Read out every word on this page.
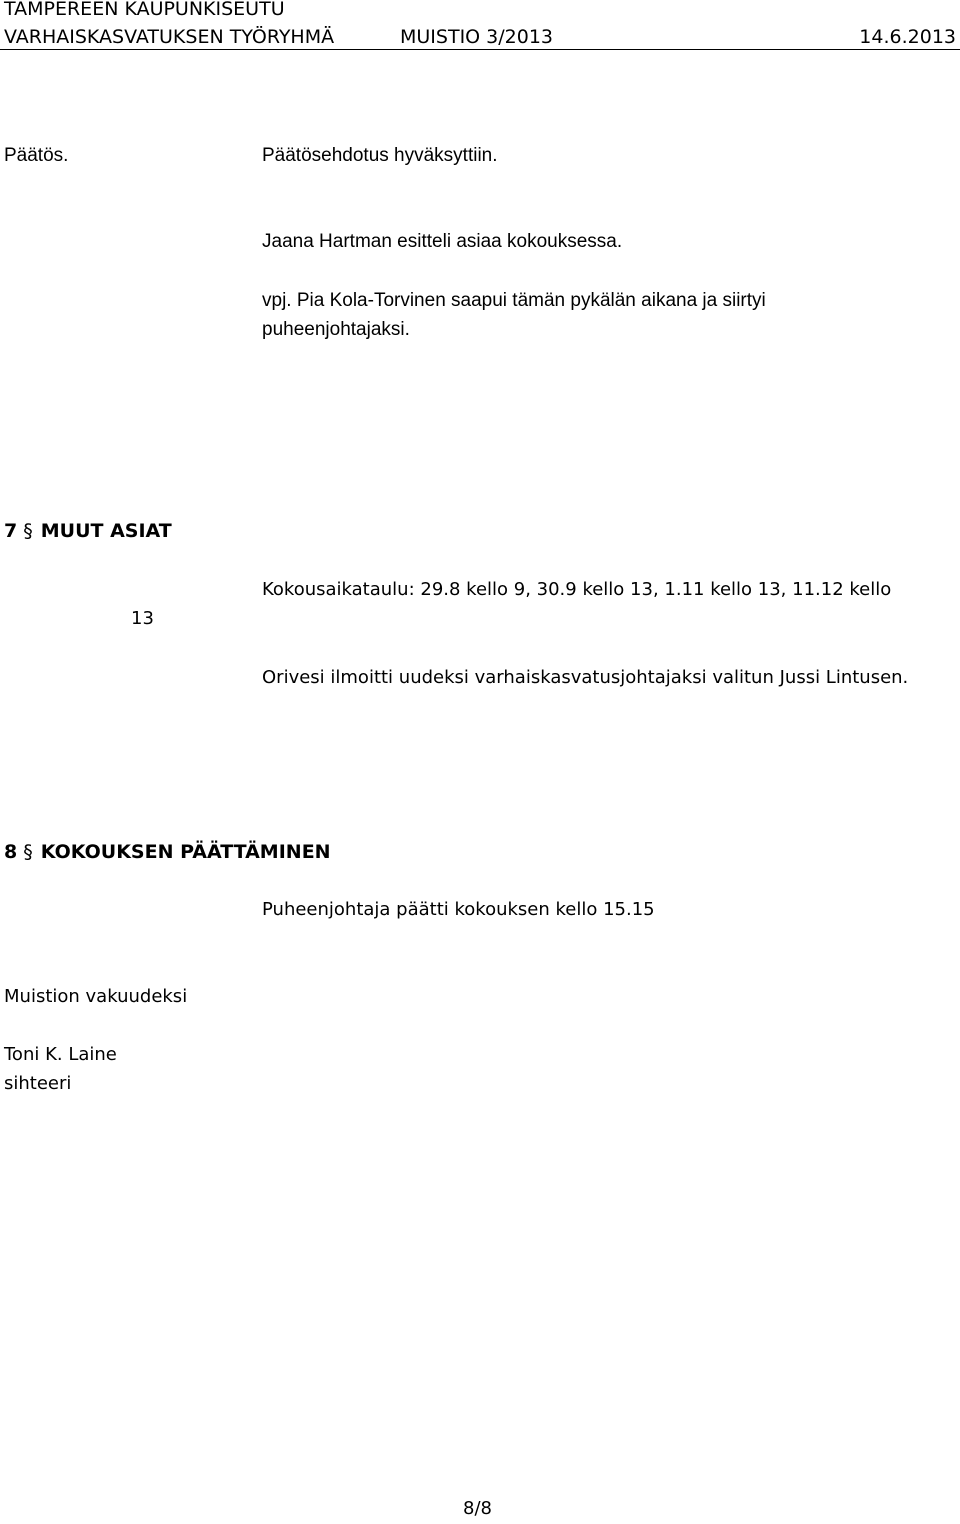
TAMPEREEN KAUPUNKISEUTU
VARHAISKASVATUKSEN TYÖRYHMÄ	MUISTIO 3/2013	14.6.2013
Päätös.	Päätösehdotus hyväksyttiin.
Jaana Hartman esitteli asiaa kokouksessa.
vpj. Pia Kola-Torvinen saapui tämän pykälän aikana ja siirtyi
puheenjohtajaksi.
7 § MUUT ASIAT
13
Kokousaikataulu: 29.8 kello 9, 30.9 kello 13, 1.11 kello 13, 11.12 kello
Orivesi ilmoitti uudeksi varhaiskasvatusjohtajaksi valitun Jussi Lintusen.
8 § KOKOUKSEN PÄÄTTÄMINEN
Puheenjohtaja päätti kokouksen kello 15.15
Muistion vakuudeksi
Toni K. Laine
sihteeri
8/8
